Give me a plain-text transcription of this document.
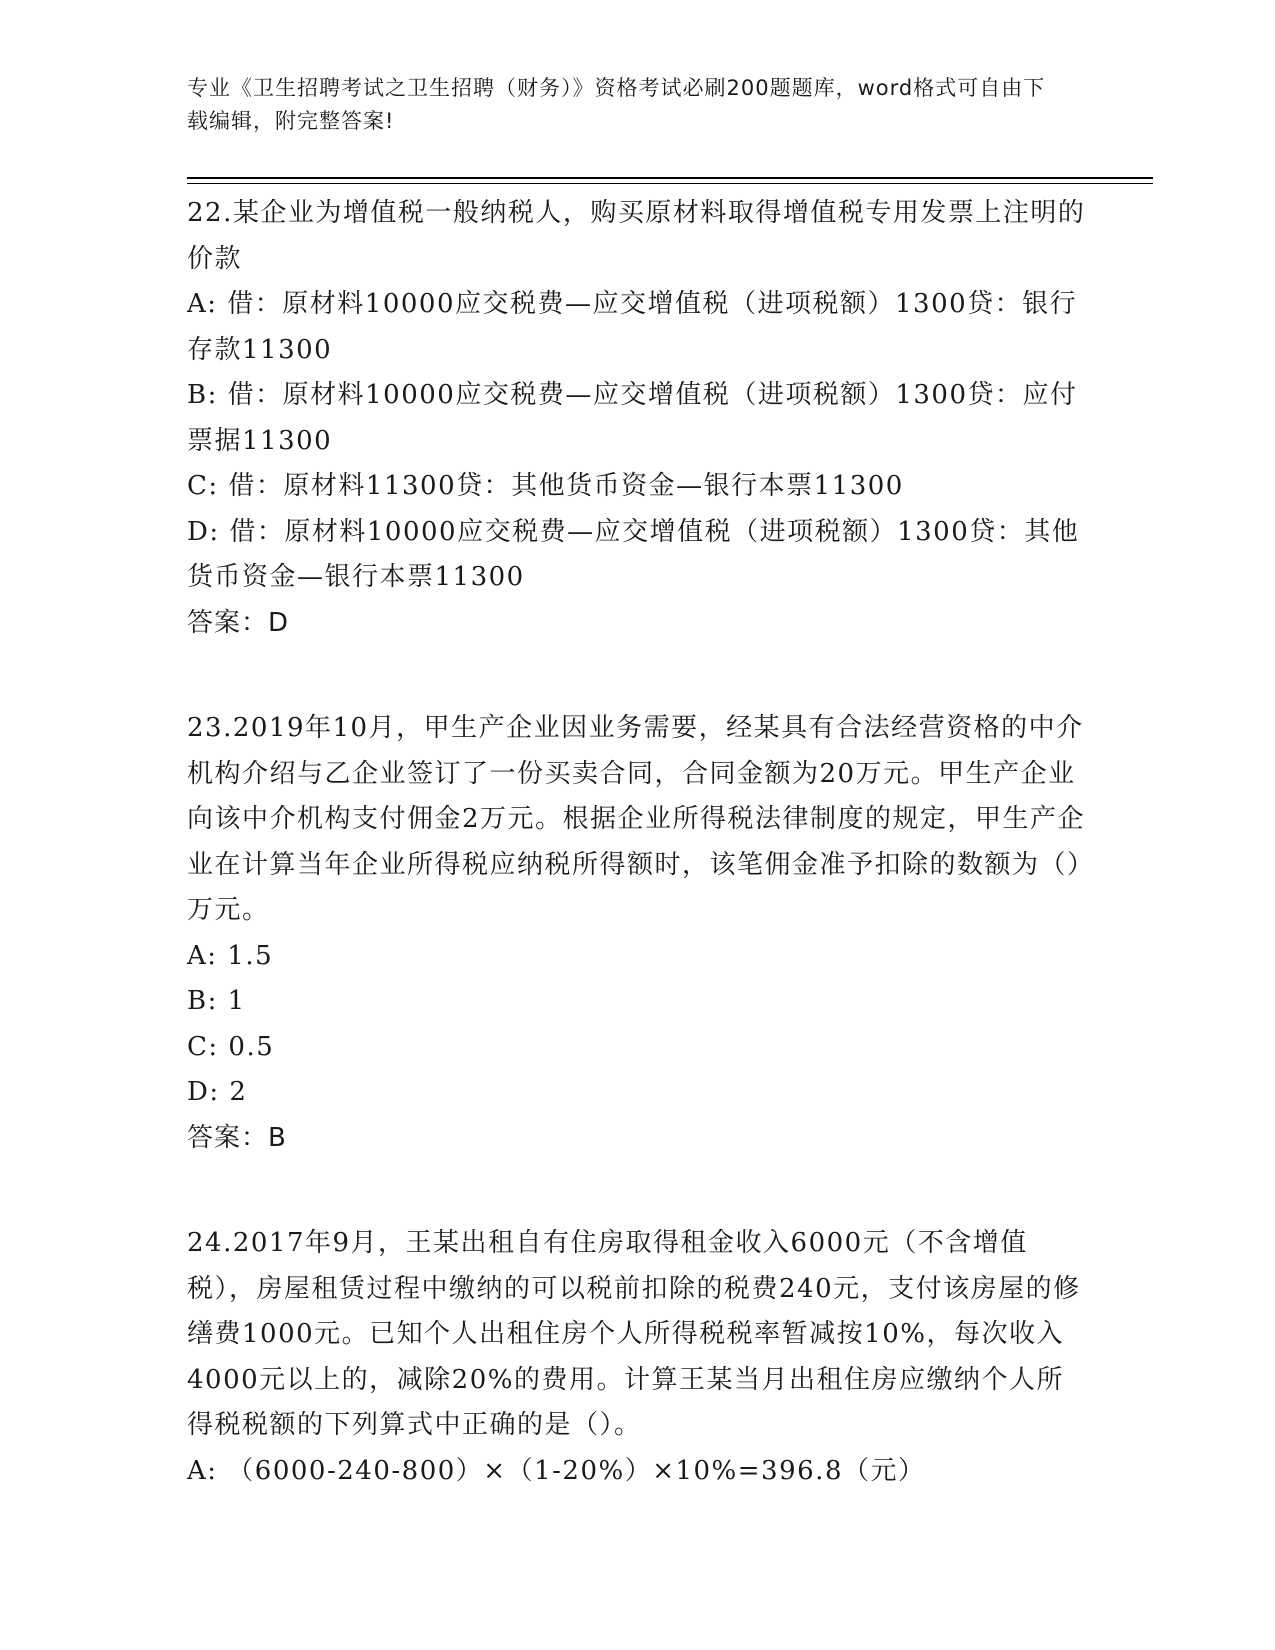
专业《卫生招聘考试之卫生招聘（财务）》资格考试必刷200题题库，word格式可自由下载编辑，附完整答案!

22.某企业为增值税一般纳税人，购买原材料取得增值税专用发票上注明的价款

A: 借：原材料10000应交税费—应交增值税（进项税额）1300贷：银行存款11300

B: 借：原材料10000应交税费—应交增值税（进项税额）1300贷：应付票据11300

C: 借：原材料11300贷：其他货币资金—银行本票11300

D: 借：原材料10000应交税费—应交增值税（进项税额）1300贷：其他货币资金—银行本票11300

答案：D

23.2019年10月，甲生产企业因业务需要，经某具有合法经营资格的中介机构介绍与乙企业签订了一份买卖合同，合同金额为20万元。甲生产企业向该中介机构支付佣金2万元。根据企业所得税法律制度的规定，甲生产企业在计算当年企业所得税应纳税所得额时，该笔佣金准予扣除的数额为（）万元。

A: 1.5

B: 1

C: 0.5

D: 2

答案：B

24.2017年9月，王某出租自有住房取得租金收入6000元（不含增值税），房屋租赁过程中缴纳的可以税前扣除的税费240元，支付该房屋的修缮费1000元。已知个人出租住房个人所得税税率暂减按10%，每次收入4000元以上的，减除20%的费用。计算王某当月出租住房应缴纳个人所得税税额的下列算式中正确的是（）。

A: （6000-240-800）×（1-20%）×10%=396.8（元）
